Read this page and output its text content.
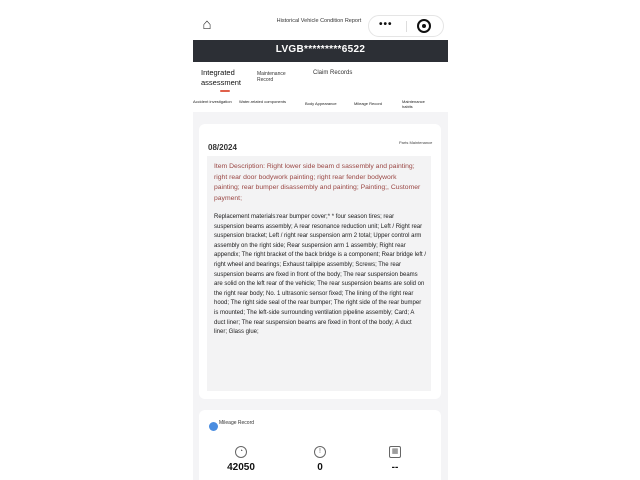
⌂	Historical Vehicle Condition Report	•••
LVGB*********6522
Integrated assessment
Maintenance Record
Claim Records
Accident investigation	Water-related components	Body Appearance	Mileage Record	Maintenance habits
08/2024
Parts Maintenance
Item Description: Right lower side beam d sassembly and painting; right rear door bodywork painting; right rear fender bodywork painting; rear bumper disassembly and painting; Painting;, Customer payment;
Replacement materials:rear bumper cover;* * four season tires; rear suspension beams assembly; A rear resonance reduction unit; Left / Right rear suspension bracket; Left / right rear suspension arm 2 total; Upper control arm assembly on the right side; Rear suspension arm 1 assembly; Right rear appendix; The right bracket of the back bridge is a component; Rear bridge left / right wheel and bearings; Exhaust tailpipe assembly; Screws; The rear suspension beams are fixed in front of the body; The rear suspension beams are solid on the left rear of the vehicle; The rear suspension beams are solid on the right rear body; No. 1 ultrasonic sensor fixed; The lining of the right rear hood; The right side seal of the rear bumper; The right side of the rear bumper is mounted; The left-side surrounding ventilation pipeline assembly; Card; A duct liner; The rear suspension beams are fixed in front of the body; A duct liner; Glass glue;
Mileage Record
◔
42050
!
0
▦
--
